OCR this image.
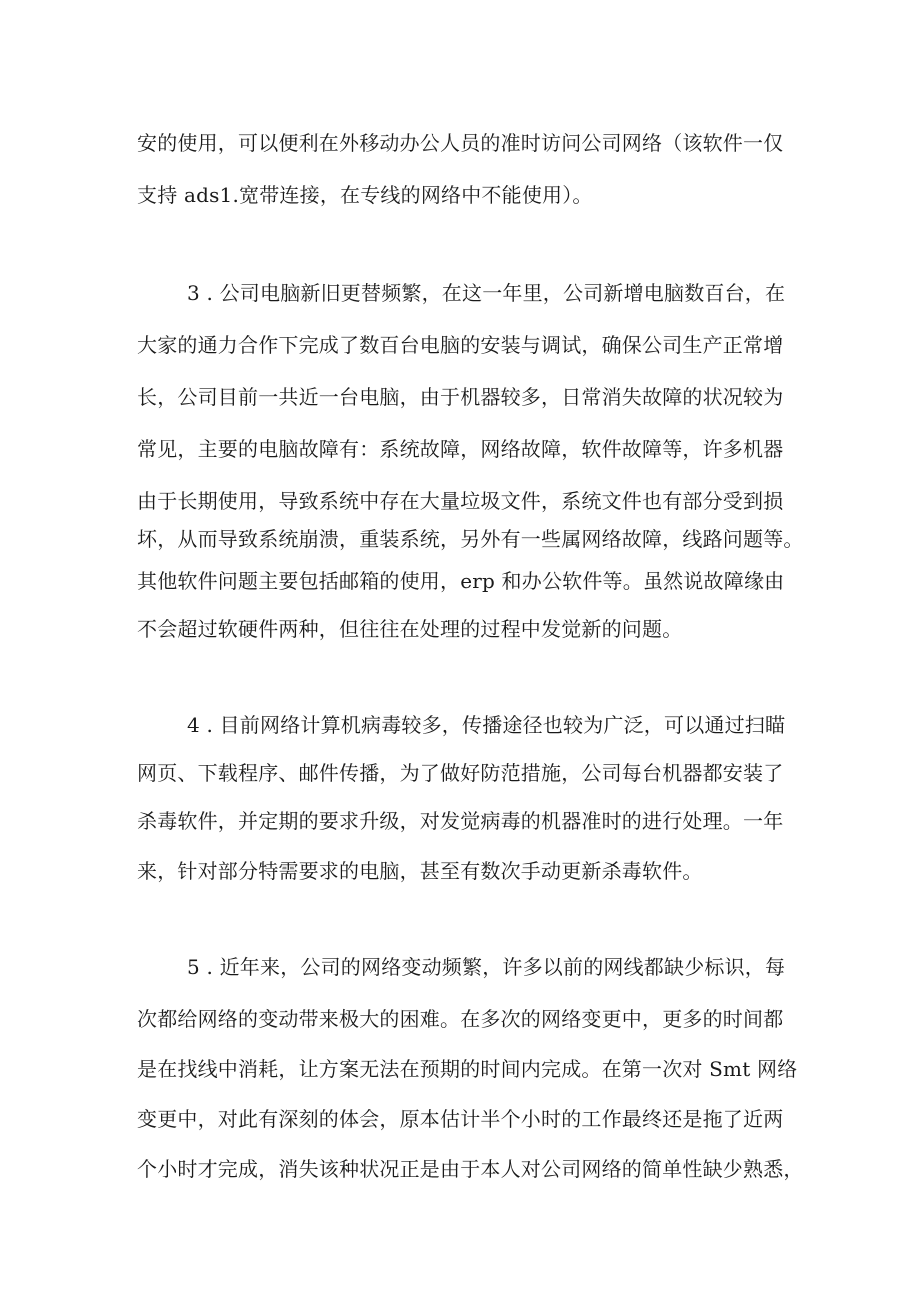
安的使用，可以便利在外移动办公人员的准时访问公司网络（该软件一仅
支持 ads1.宽带连接，在专线的网络中不能使用）。
3 . 公司电脑新旧更替频繁，在这一年里，公司新增电脑数百台，在
大家的通力合作下完成了数百台电脑的安装与调试，确保公司生产正常增
长，公司目前一共近一台电脑，由于机器较多，日常消失故障的状况较为
常见，主要的电脑故障有：系统故障，网络故障，软件故障等，许多机器
由于长期使用，导致系统中存在大量垃圾文件，系统文件也有部分受到损
坏，从而导致系统崩溃，重装系统，另外有一些属网络故障，线路问题等。
其他软件问题主要包括邮箱的使用，erp 和办公软件等。虽然说故障缘由
不会超过软硬件两种，但往往在处理的过程中发觉新的问题。
4 . 目前网络计算机病毒较多，传播途径也较为广泛，可以通过扫瞄
网页、下载程序、邮件传播，为了做好防范措施，公司每台机器都安装了
杀毒软件，并定期的要求升级，对发觉病毒的机器准时的进行处理。一年
来，针对部分特需要求的电脑，甚至有数次手动更新杀毒软件。
5 . 近年来，公司的网络变动频繁，许多以前的网线都缺少标识，每
次都给网络的变动带来极大的困难。在多次的网络变更中，更多的时间都
是在找线中消耗，让方案无法在预期的时间内完成。在第一次对 Smt 网络
变更中，对此有深刻的体会，原本估计半个小时的工作最终还是拖了近两
个小时才完成，消失该种状况正是由于本人对公司网络的简单性缺少熟悉，
